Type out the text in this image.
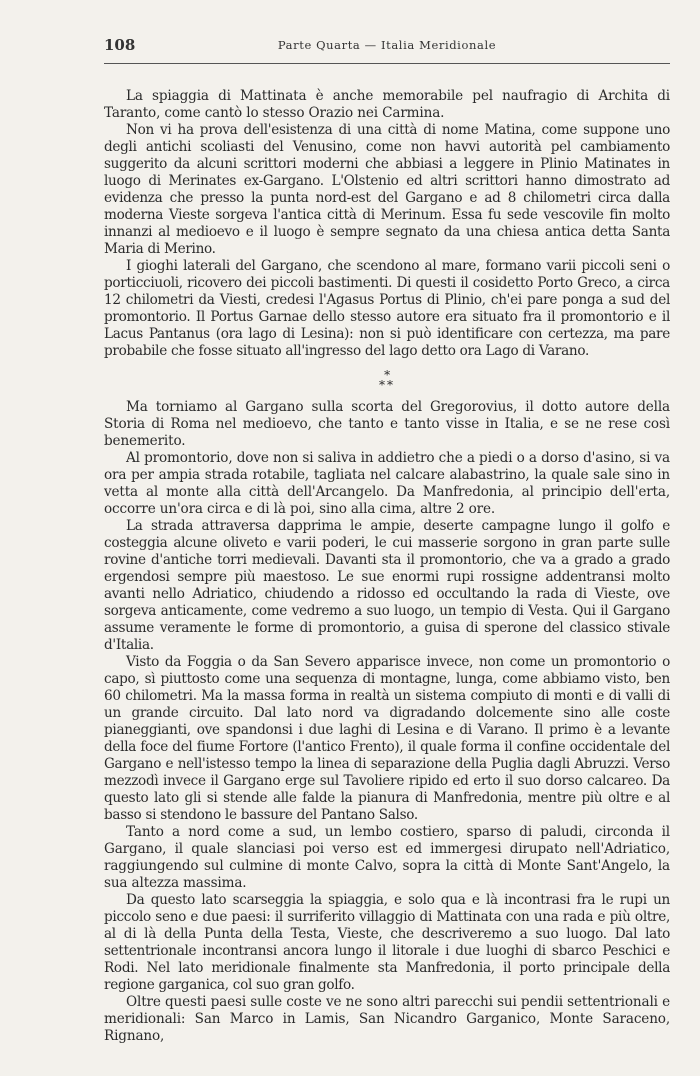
108	Parte Quarta — Italia Meridionale

La spiaggia di Mattinata è anche memorabile pel naufragio di Archita di Taranto, come cantò lo stesso Orazio nei Carmina.

Non vi ha prova dell'esistenza di una città di nome Matina, come suppone uno degli antichi scoliasti del Venusino, come non havvi autorità pel cambiamento suggerito da alcuni scrittori moderni che abbiasi a leggere in Plinio Matinates in luogo di Merinates ex-Gargano. L'Olstenio ed altri scrittori hanno dimostrato ad evidenza che presso la punta nord-est del Gargano e ad 8 chilometri circa dalla moderna Vieste sorgeva l'antica città di Merinum. Essa fu sede vescovile fin molto innanzi al medioevo e il luogo è sempre segnato da una chiesa antica detta Santa Maria di Merino.

I gioghi laterali del Gargano, che scendono al mare, formano varii piccoli seni o porticciuoli, ricovero dei piccoli bastimenti. Di questi il cosidetto Porto Greco, a circa 12 chilometri da Viesti, credesi l'Agasus Portus di Plinio, ch'ei pare ponga a sud del promontorio. Il Portus Garnae dello stesso autore era situato fra il promontorio e il Lacus Pantanus (ora lago di Lesina): non si può identificare con certezza, ma pare probabile che fosse situato all'ingresso del lago detto ora Lago di Varano.

*
**

Ma torniamo al Gargano sulla scorta del Gregorovius, il dotto autore della Storia di Roma nel medioevo, che tanto e tanto visse in Italia, e se ne rese così benemerito.

Al promontorio, dove non si saliva in addietro che a piedi o a dorso d'asino, si va ora per ampia strada rotabile, tagliata nel calcare alabastrino, la quale sale sino in vetta al monte alla città dell'Arcangelo. Da Manfredonia, al principio dell'erta, occorre un'ora circa e di là poi, sino alla cima, altre 2 ore.

La strada attraversa dapprima le ampie, deserte campagne lungo il golfo e costeggia alcune oliveto e varii poderi, le cui masserie sorgono in gran parte sulle rovine d'antiche torri medievali. Davanti sta il promontorio, che va a grado a grado ergendosi sempre più maestoso. Le sue enormi rupi rossigne addentransi molto avanti nello Adriatico, chiudendo a ridosso ed occultando la rada di Vieste, ove sorgeva anticamente, come vedremo a suo luogo, un tempio di Vesta. Qui il Gargano assume veramente le forme di promontorio, a guisa di sperone del classico stivale d'Italia.

Visto da Foggia o da San Severo apparisce invece, non come un promontorio o capo, sì piuttosto come una sequenza di montagne, lunga, come abbiamo visto, ben 60 chilometri. Ma la massa forma in realtà un sistema compiuto di monti e di valli di un grande circuito. Dal lato nord va digradando dolcemente sino alle coste pianeggianti, ove spandonsi i due laghi di Lesina e di Varano. Il primo è a levante della foce del fiume Fortore (l'antico Frento), il quale forma il confine occidentale del Gargano e nell'istesso tempo la linea di separazione della Puglia dagli Abruzzi. Verso mezzodì invece il Gargano erge sul Tavoliere ripido ed erto il suo dorso calcareo. Da questo lato gli si stende alle falde la pianura di Manfredonia, mentre più oltre e al basso si stendono le bassure del Pantano Salso.

Tanto a nord come a sud, un lembo costiero, sparso di paludi, circonda il Gargano, il quale slanciasi poi verso est ed immergesi dirupato nell'Adriatico, raggiungendo sul culmine di monte Calvo, sopra la città di Monte Sant'Angelo, la sua altezza massima.

Da questo lato scarseggia la spiaggia, e solo qua e là incontrasi fra le rupi un piccolo seno e due paesi: il surriferito villaggio di Mattinata con una rada e più oltre, al di là della Punta della Testa, Vieste, che descriveremo a suo luogo. Dal lato settentrionale incontransi ancora lungo il litorale i due luoghi di sbarco Peschici e Rodi. Nel lato meridionale finalmente sta Manfredonia, il porto principale della regione garganica, col suo gran golfo.

Oltre questi paesi sulle coste ve ne sono altri parecchi sui pendii settentrionali e meridionali: San Marco in Lamis, San Nicandro Garganico, Monte Saraceno, Rignano,
